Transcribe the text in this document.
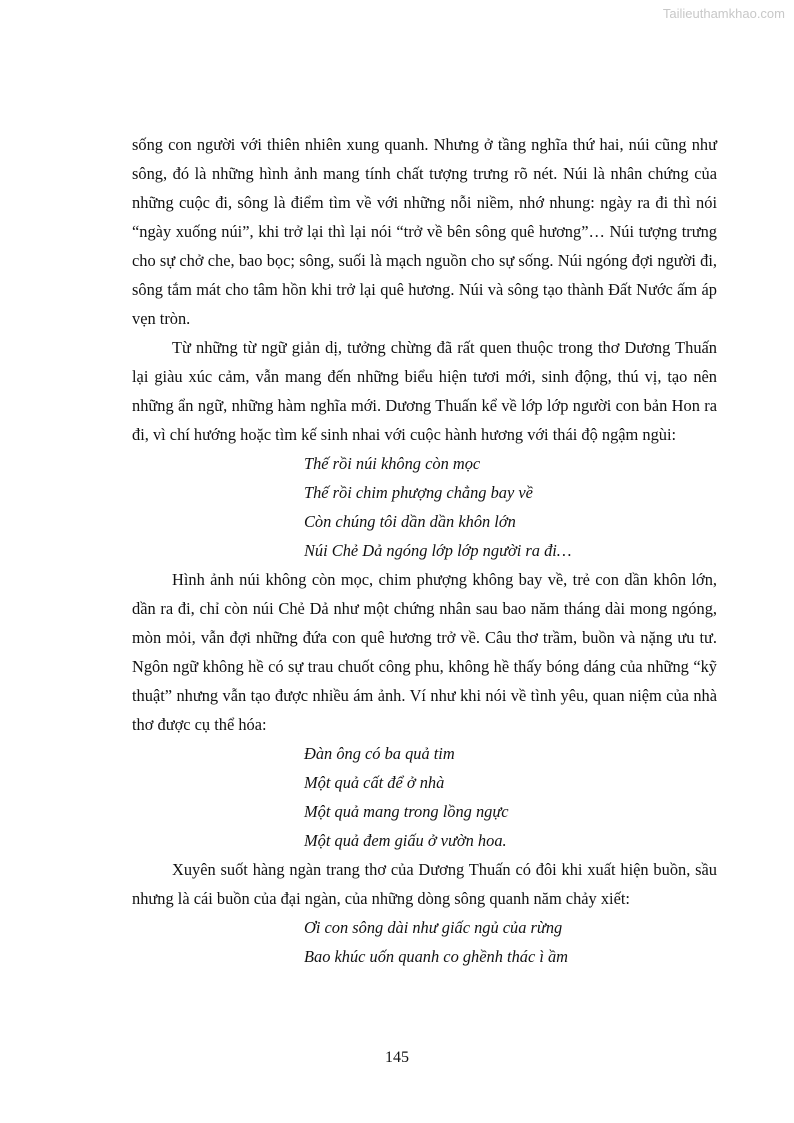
Tailieuthamkhao.com

sống con người với thiên nhiên xung quanh. Nhưng ở tầng nghĩa thứ hai, núi cũng như sông, đó là những hình ảnh mang tính chất tượng trưng rõ nét. Núi là nhân chứng của những cuộc đi, sông là điểm tìm về với những nỗi niềm, nhớ nhung: ngày ra đi thì nói “ngày xuống núi”, khi trở lại thì lại nói “trở về bên sông quê hương”… Núi tượng trưng cho sự chở che, bao bọc; sông, suối là mạch nguồn cho sự sống. Núi ngóng đợi người đi, sông tắm mát cho tâm hồn khi trở lại quê hương. Núi và sông tạo thành Đất Nước ấm áp vẹn tròn.

Từ những từ ngữ giản dị, tưởng chừng đã rất quen thuộc trong thơ Dương Thuấn lại giàu xúc cảm, vẫn mang đến những biểu hiện tươi mới, sinh động, thú vị, tạo nên những ẩn ngữ, những hàm nghĩa mới. Dương Thuấn kể về lớp lớp người con bản Hon ra đi, vì chí hướng hoặc tìm kế sinh nhai với cuộc hành hương với thái độ ngậm ngùi:

Thế rồi núi không còn mọc
Thế rồi chim phượng chẳng bay về
Còn chúng tôi dần dần khôn lớn
Núi Chẻ Dả ngóng lớp lớp người ra đi…

Hình ảnh núi không còn mọc, chim phượng không bay về, trẻ con dần khôn lớn, dần ra đi, chỉ còn núi Chẻ Dả như một chứng nhân sau bao năm tháng dài mong ngóng, mòn mỏi, vẫn đợi những đứa con quê hương trở về. Câu thơ trầm, buồn và nặng ưu tư. Ngôn ngữ không hề có sự trau chuốt công phu, không hề thấy bóng dáng của những “kỹ thuật” nhưng vẫn tạo được nhiều ám ảnh. Ví như khi nói về tình yêu, quan niệm của nhà thơ được cụ thể hóa:

Đàn ông có ba quả tim
Một quả cất để ở nhà
Một quả mang trong lồng ngực
Một quả đem giấu ở vườn hoa.

Xuyên suốt hàng ngàn trang thơ của Dương Thuấn có đôi khi xuất hiện buồn, sầu nhưng là cái buồn của đại ngàn, của những dòng sông quanh năm chảy xiết:

Ơi con sông dài như giấc ngủ của rừng
Bao khúc uốn quanh co ghềnh thác ì ầm
145
